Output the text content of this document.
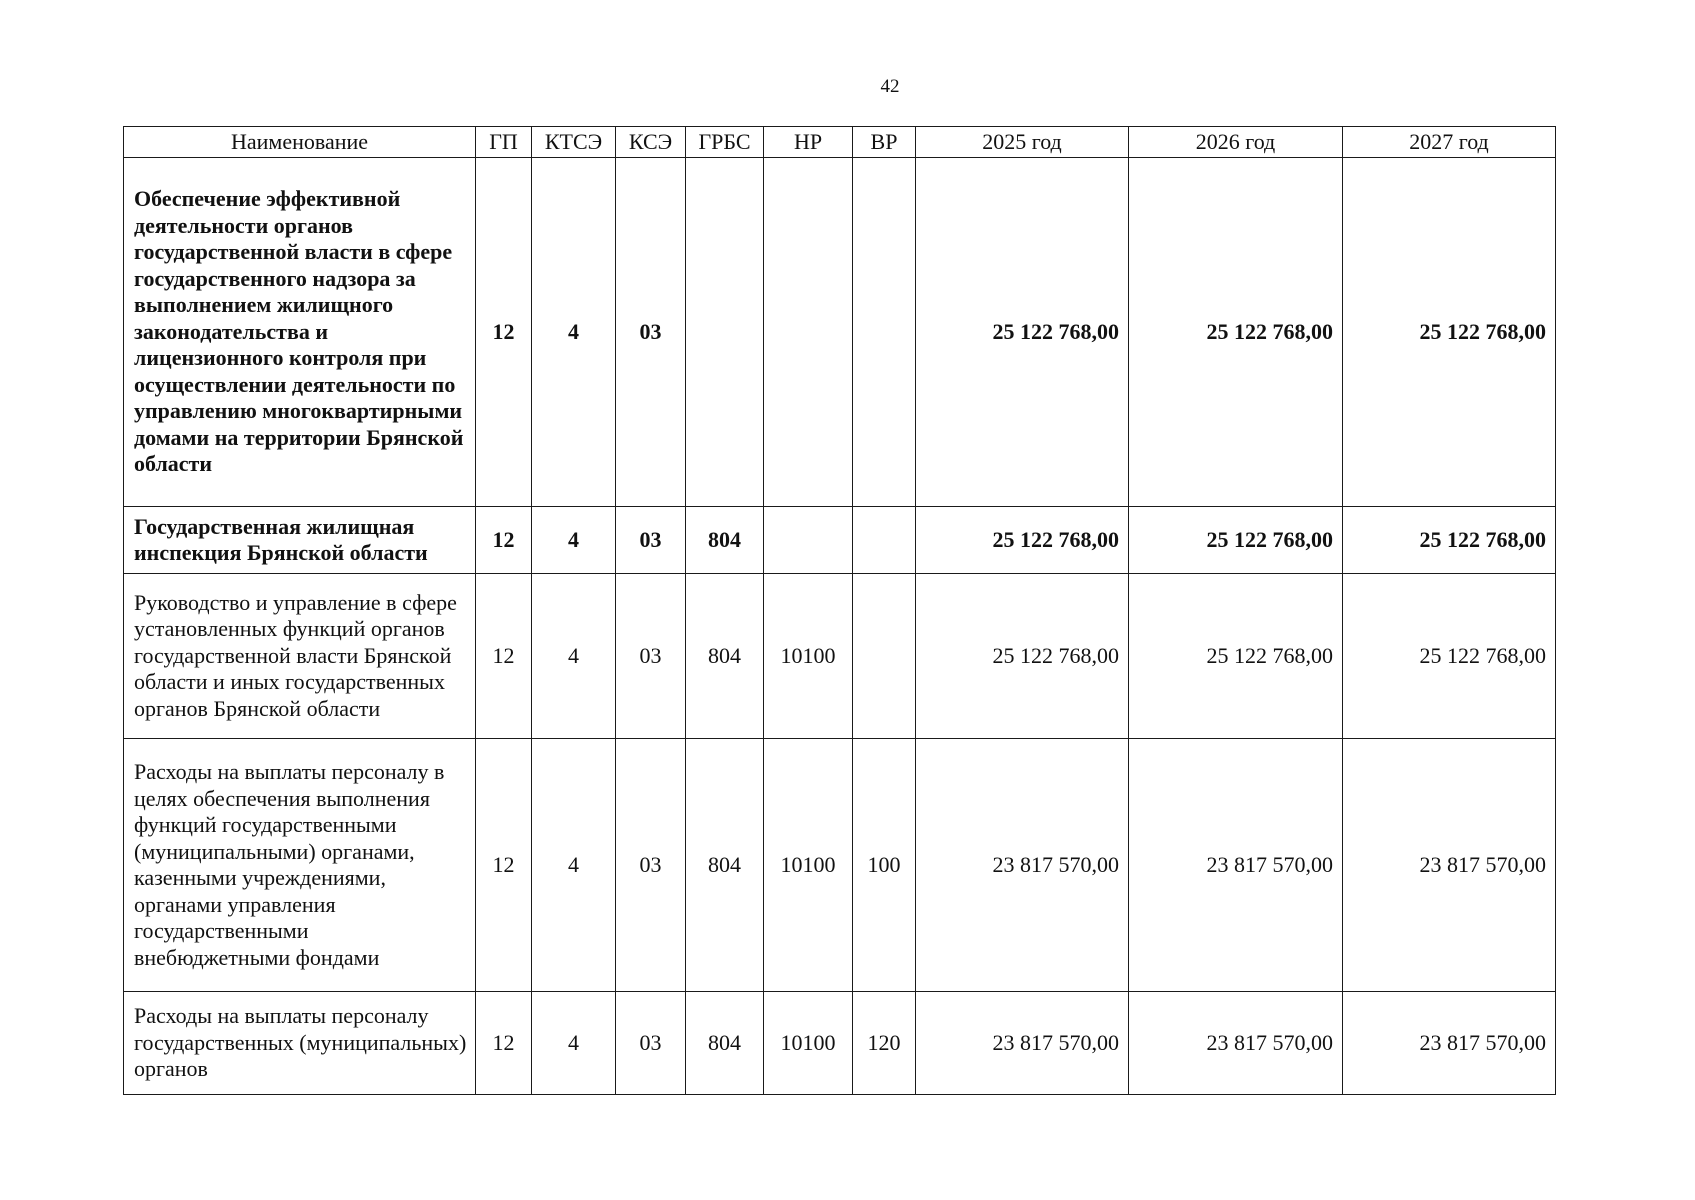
42
Наименование	ГП	КТСЭ	КСЭ	ГРБС	НР	ВР	2025 год	2026 год	2027 год
Обеспечение эффективной деятельности органов государственной власти в сфере государственного надзора за выполнением жилищного законодательства и лицензионного контроля при осуществлении деятельности по управлению многоквартирными домами на территории Брянской области	12	4	03				25 122 768,00	25 122 768,00	25 122 768,00
Государственная жилищная инспекция Брянской области	12	4	03	804			25 122 768,00	25 122 768,00	25 122 768,00
Руководство и управление в сфере установленных функций органов государственной власти Брянской области и иных государственных органов Брянской области	12	4	03	804	10100		25 122 768,00	25 122 768,00	25 122 768,00
Расходы на выплаты персоналу в целях обеспечения выполнения функций государственными (муниципальными) органами, казенными учреждениями, органами управления государственными внебюджетными фондами	12	4	03	804	10100	100	23 817 570,00	23 817 570,00	23 817 570,00
Расходы на выплаты персоналу государственных (муниципальных) органов	12	4	03	804	10100	120	23 817 570,00	23 817 570,00	23 817 570,00
